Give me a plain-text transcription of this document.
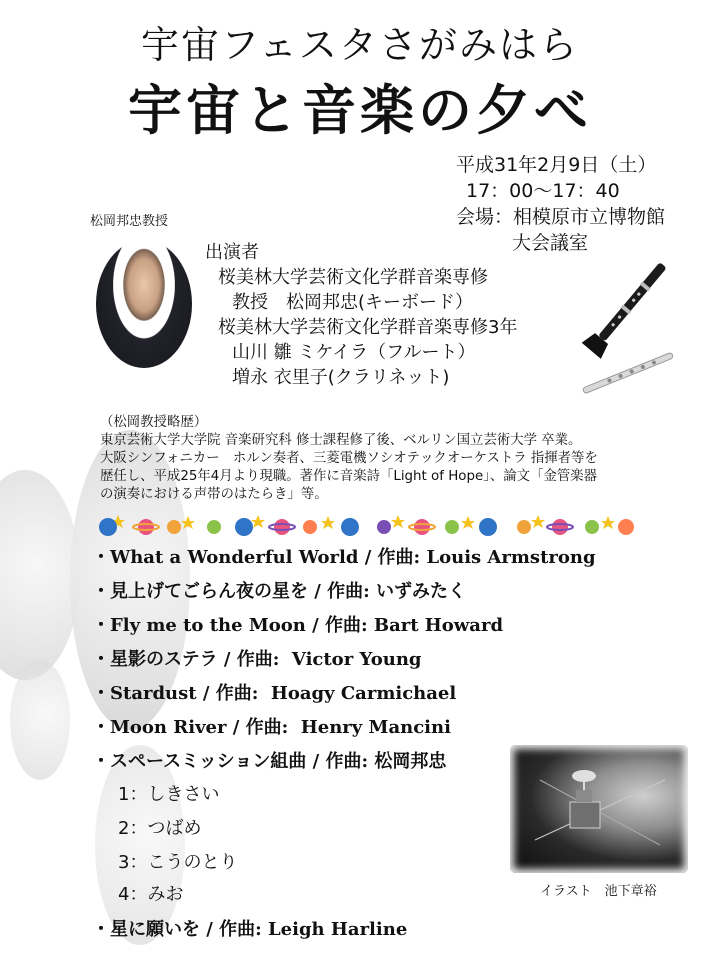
宇宙フェスタさがみはら
宇宙と音楽の夕べ
平成31年2月9日（土）
17：00～17：40
会場：相模原市立博物館
大会議室
松岡邦忠教授
出演者
桜美林大学芸術文化学群音楽専修
教授　松岡邦忠(キーボード）
桜美林大学芸術文化学群音楽専修3年
山川 雛 ミケイラ（フルート）
増永 衣里子(クラリネット)
（松岡教授略歴）
東京芸術大学大学院 音楽研究科 修士課程修了後、ベルリン国立芸術大学 卒業。
大阪シンフォニカー　ホルン奏者、三菱電機ソシオテックオーケストラ 指揮者等を
歴任し、平成25年4月より現職。著作に音楽詩「Light of Hope」、論文「金管楽器
の演奏における声帯のはたらき」等。
・What a Wonderful World / 作曲: Louis Armstrong
・見上げてごらん夜の星を / 作曲: いずみたく
・Fly me to the Moon / 作曲: Bart Howard
・星影のステラ / 作曲:  Victor Young
・Stardust / 作曲:  Hoagy Carmichael
・Moon River / 作曲:  Henry Mancini
・スペースミッション組曲 / 作曲: 松岡邦忠
1：しきさい
2：つばめ
3：こうのとり
4：みお
・星に願いを / 作曲: Leigh Harline
イラスト　池下章裕
